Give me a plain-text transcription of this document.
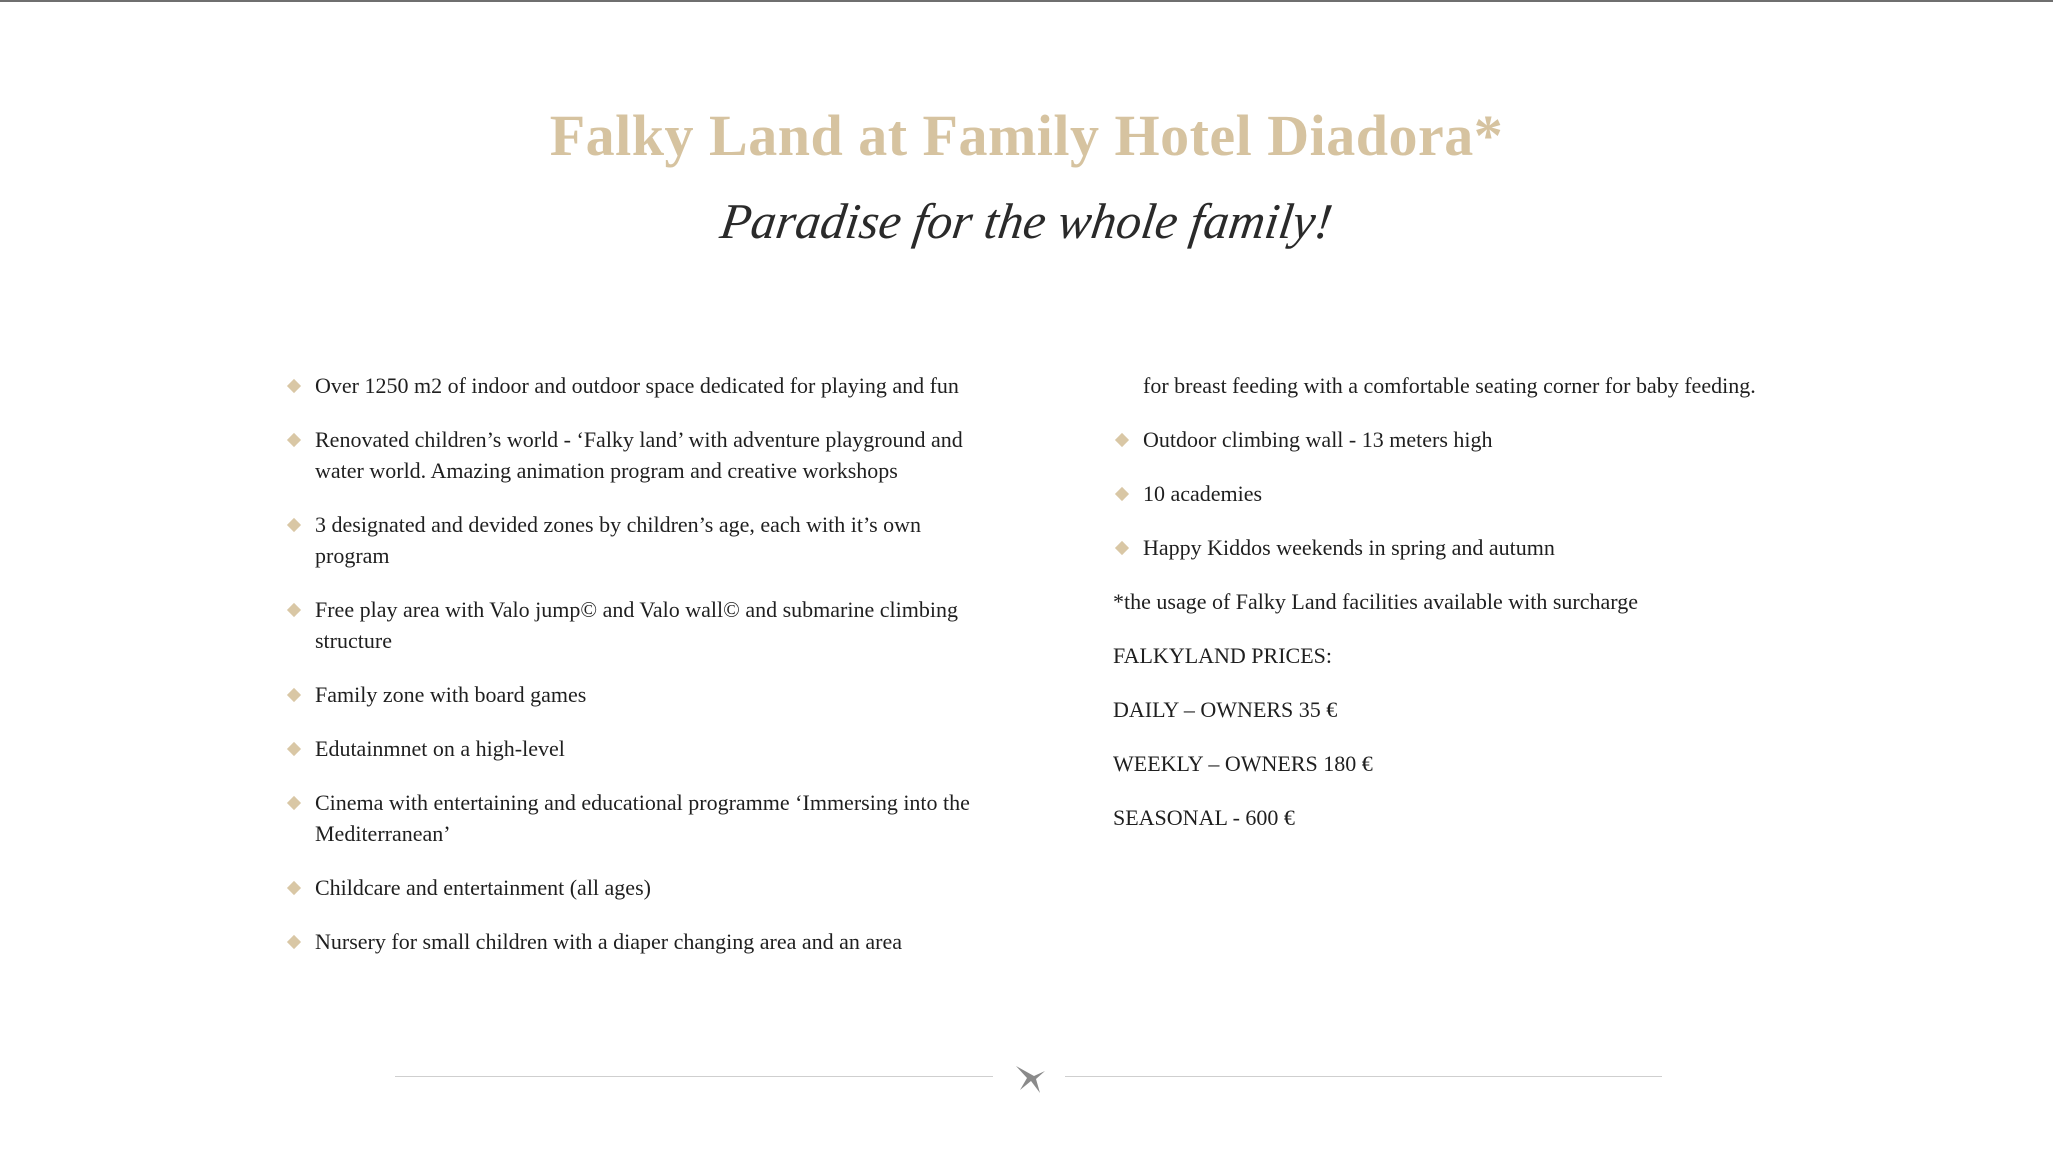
Falky Land at Family Hotel Diadora*
Paradise for the whole family!
Over 1250 m2 of indoor and outdoor space dedicated for playing and fun
Renovated children’s world - ‘Falky land’ with adventure playground and water world. Amazing animation program and creative workshops
3 designated and devided zones by children’s age, each with it’s own program
Free play area with Valo jump© and Valo wall© and submarine climbing structure
Family zone with board games
Edutainmnet on a high-level
Cinema with entertaining and educational programme ‘Immersing into the Mediterranean’
Childcare and entertainment (all ages)
Nursery for small children with a diaper changing area and an area
for breast feeding with a comfortable seating corner for baby feeding.
Outdoor climbing wall - 13 meters high
10 academies
Happy Kiddos weekends in spring and autumn
*the usage of Falky Land facilities available with surcharge
FALKYLAND PRICES:
DAILY – OWNERS 35 €
WEEKLY – OWNERS 180 €
SEASONAL - 600 €
